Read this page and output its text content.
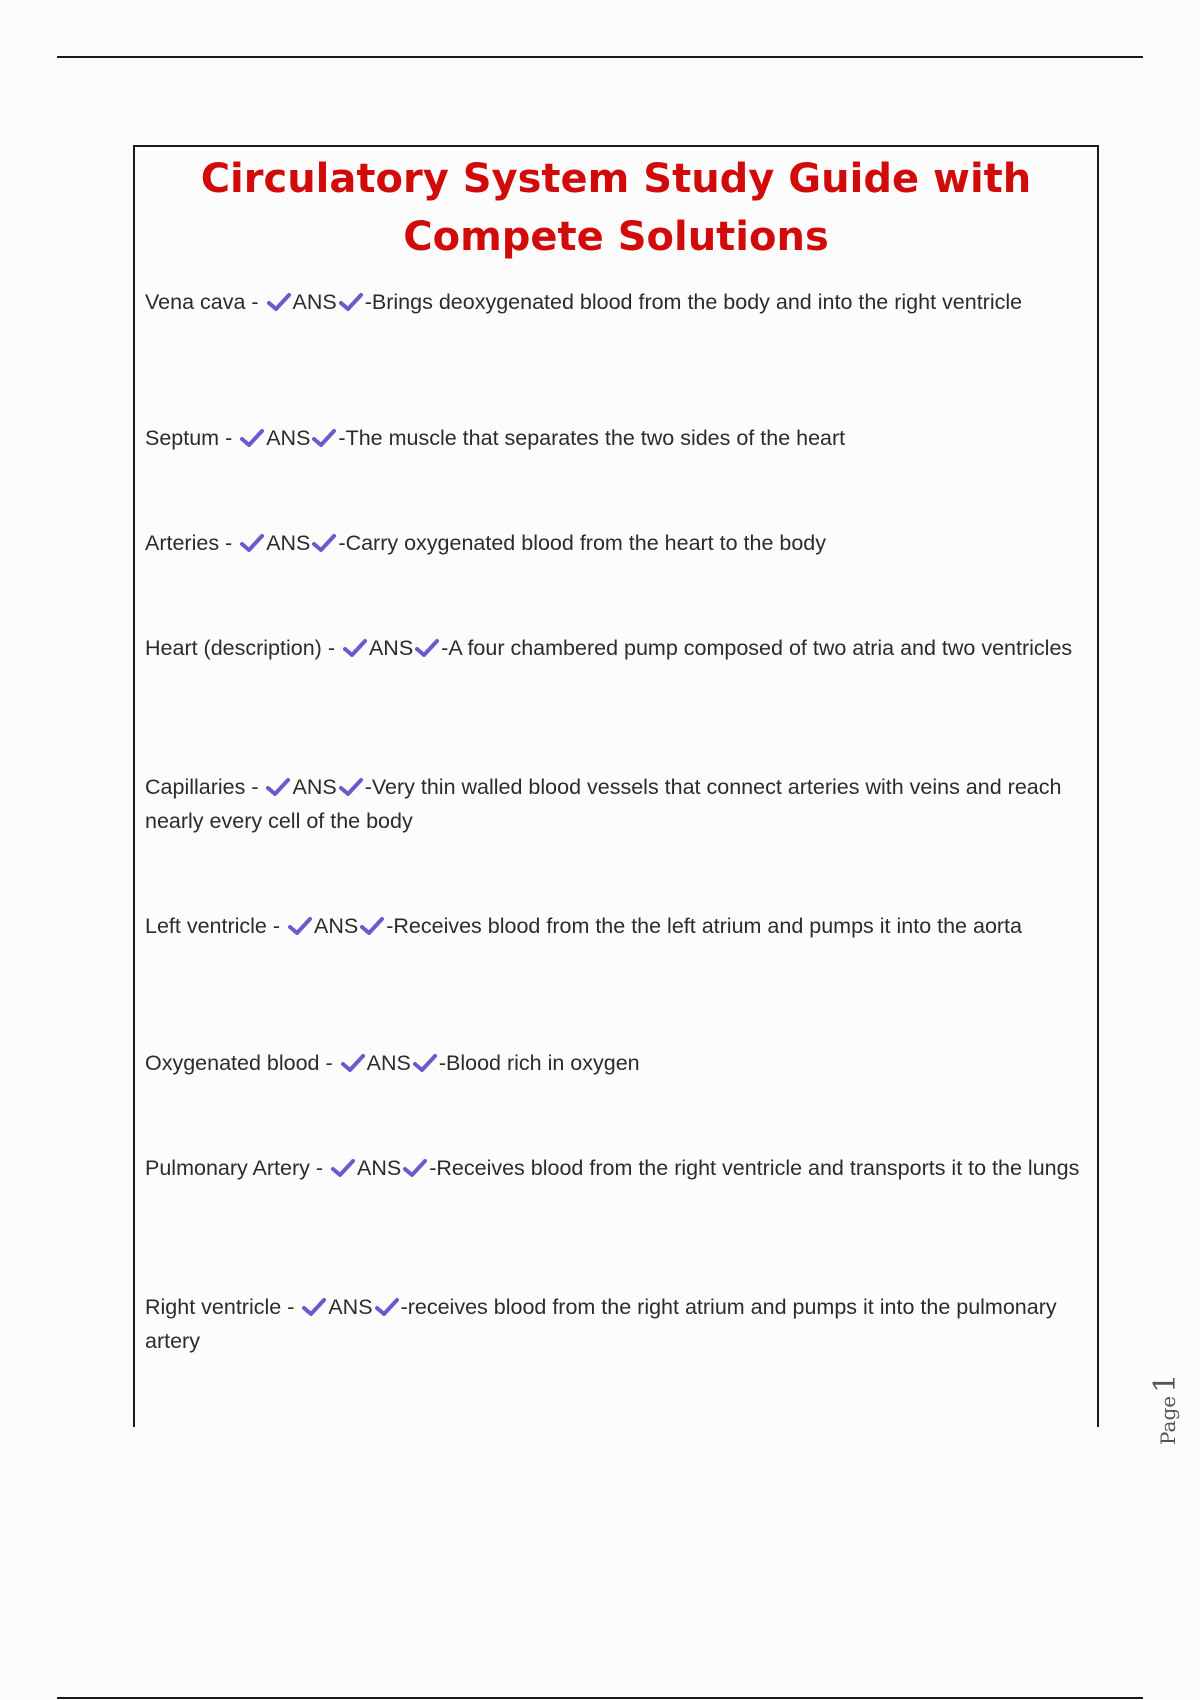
Circulatory System Study Guide with
Compete Solutions
Vena cava -
ANS -Brings deoxygenated blood from the body and into the right ventricle
Septum -
ANS -The muscle that separates the two sides of the heart
Arteries -
ANS -Carry oxygenated blood from the heart to the body
Heart (description) -
ANS -A four chambered pump composed of two atria and two ventricles
Capillaries -
ANS -Very thin walled blood vessels that connect arteries with veins and reach nearly every cell of the body
Left ventricle -
ANS -Receives blood from the the left atrium and pumps it into the aorta
Oxygenated blood -
ANS -Blood rich in oxygen
Pulmonary Artery -
ANS -Receives blood from the right ventricle and transports it to the lungs
Right ventricle -
ANS -receives blood from the right atrium and pumps it into the pulmonary artery
Page1
